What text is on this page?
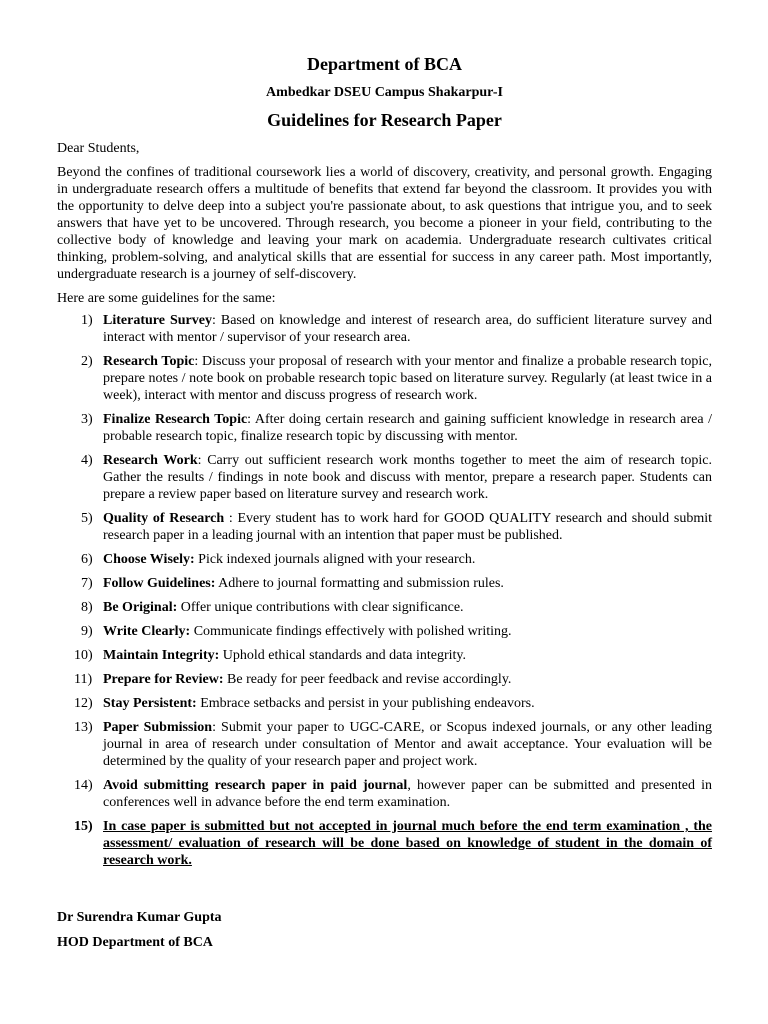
Department of BCA
Ambedkar DSEU Campus Shakarpur-I
Guidelines for Research Paper

Dear Students,

Beyond the confines of traditional coursework lies a world of discovery, creativity, and personal growth. Engaging in undergraduate research offers a multitude of benefits that extend far beyond the classroom. It provides you with the opportunity to delve deep into a subject you're passionate about, to ask questions that intrigue you, and to seek answers that have yet to be uncovered. Through research, you become a pioneer in your field, contributing to the collective body of knowledge and leaving your mark on academia. Undergraduate research cultivates critical thinking, problem-solving, and analytical skills that are essential for success in any career path. Most importantly, undergraduate research is a journey of self-discovery.

Here are some guidelines for the same:

1) Literature Survey: Based on knowledge and interest of research area, do sufficient literature survey and interact with mentor / supervisor of your research area.
2) Research Topic: Discuss your proposal of research with your mentor and finalize a probable research topic, prepare notes / note book on probable research topic based on literature survey. Regularly (at least twice in a week), interact with mentor and discuss progress of research work.
3) Finalize Research Topic: After doing certain research and gaining sufficient knowledge in research area / probable research topic, finalize research topic by discussing with mentor.
4) Research Work: Carry out sufficient research work months together to meet the aim of research topic. Gather the results / findings in note book and discuss with mentor, prepare a research paper. Students can prepare a review paper based on literature survey and research work.
5) Quality of Research : Every student has to work hard for GOOD QUALITY research and should submit research paper in a leading journal with an intention that paper must be published.
6) Choose Wisely: Pick indexed journals aligned with your research.
7) Follow Guidelines: Adhere to journal formatting and submission rules.
8) Be Original: Offer unique contributions with clear significance.
9) Write Clearly: Communicate findings effectively with polished writing.
10) Maintain Integrity: Uphold ethical standards and data integrity.
11) Prepare for Review: Be ready for peer feedback and revise accordingly.
12) Stay Persistent: Embrace setbacks and persist in your publishing endeavors.
13) Paper Submission: Submit your paper to UGC-CARE, or Scopus indexed journals, or any other leading journal in area of research under consultation of Mentor and await acceptance. Your evaluation will be determined by the quality of your research paper and project work.
14) Avoid submitting research paper in paid journal, however paper can be submitted and presented in conferences well in advance before the end term examination.
15) In case paper is submitted but not accepted in journal much before the end term examination , the assessment/ evaluation of research will be done based on knowledge of student in the domain of research work.

Dr Surendra Kumar Gupta

HOD Department of BCA
